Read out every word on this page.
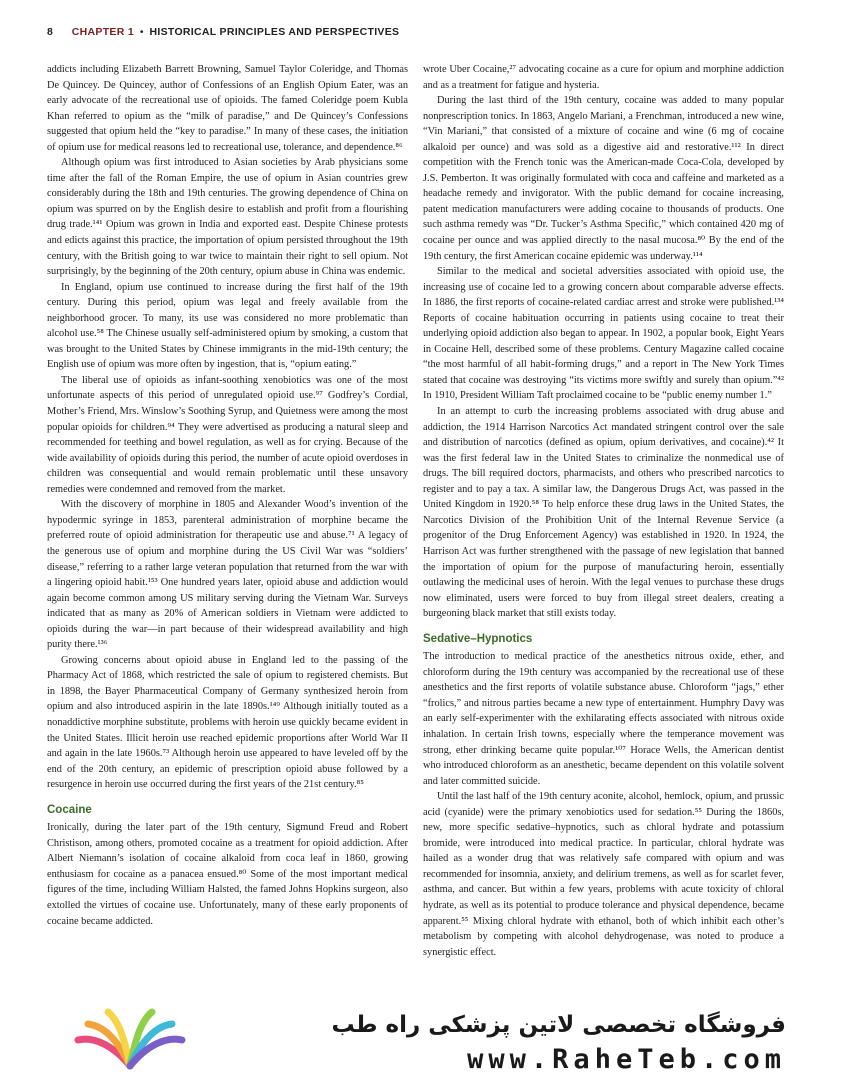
8 CHAPTER 1 • HISTORICAL PRINCIPLES AND PERSPECTIVES

addicts including Elizabeth Barrett Browning, Samuel Taylor Coleridge, and Thomas De Quincey. De Quincey, author of Confessions of an English Opium Eater, was an early advocate of the recreational use of opioids. The famed Coleridge poem Kubla Khan referred to opium as the “milk of paradise,” and De Quincey’s Confessions suggested that opium held the “key to paradise.” In many of these cases, the initiation of opium use for medical reasons led to recreational use, tolerance, and dependence.⁸⁶

Although opium was first introduced to Asian societies by Arab physicians some time after the fall of the Roman Empire, the use of opium in Asian countries grew considerably during the 18th and 19th centuries. The growing dependence of China on opium was spurred on by the English desire to establish and profit from a flourishing drug trade.¹⁴¹ Opium was grown in India and exported east. Despite Chinese protests and edicts against this practice, the importation of opium persisted throughout the 19th century, with the British going to war twice to maintain their right to sell opium. Not surprisingly, by the beginning of the 20th century, opium abuse in China was endemic.

In England, opium use continued to increase during the first half of the 19th century. During this period, opium was legal and freely available from the neighborhood grocer. To many, its use was considered no more problematic than alcohol use.⁵⁸ The Chinese usually self-administered opium by smoking, a custom that was brought to the United States by Chinese immigrants in the mid-19th century; the English use of opium was more often by ingestion, that is, “opium eating.”

The liberal use of opioids as infant-soothing xenobiotics was one of the most unfortunate aspects of this period of unregulated opioid use.⁹⁷ Godfrey’s Cordial, Mother’s Friend, Mrs. Winslow’s Soothing Syrup, and Quietness were among the most popular opioids for children.⁹⁴ They were advertised as producing a natural sleep and recommended for teething and bowel regulation, as well as for crying. Because of the wide availability of opioids during this period, the number of acute opioid overdoses in children was consequential and would remain problematic until these unsavory remedies were condemned and removed from the market.

With the discovery of morphine in 1805 and Alexander Wood’s invention of the hypodermic syringe in 1853, parenteral administration of morphine became the preferred route of opioid administration for therapeutic use and abuse.⁷¹ A legacy of the generous use of opium and morphine during the US Civil War was “soldiers’ disease,” referring to a rather large veteran population that returned from the war with a lingering opioid habit.¹⁵³ One hundred years later, opioid abuse and addiction would again become common among US military serving during the Vietnam War. Surveys indicated that as many as 20% of American soldiers in Vietnam were addicted to opioids during the war—in part because of their widespread availability and high purity there.¹³⁶

Growing concerns about opioid abuse in England led to the passing of the Pharmacy Act of 1868, which restricted the sale of opium to registered chemists. But in 1898, the Bayer Pharmaceutical Company of Germany synthesized heroin from opium and also introduced aspirin in the late 1890s.¹⁴⁹ Although initially touted as a nonaddictive morphine substitute, problems with heroin use quickly became evident in the United States. Illicit heroin use reached epidemic proportions after World War II and again in the late 1960s.⁷³ Although heroin use appeared to have leveled off by the end of the 20th century, an epidemic of prescription opioid abuse followed by a resurgence in heroin use occurred during the first years of the 21st century.⁸⁵

Cocaine

Ironically, during the later part of the 19th century, Sigmund Freud and Robert Christison, among others, promoted cocaine as a treatment for opioid addiction. After Albert Niemann’s isolation of cocaine alkaloid from coca leaf in 1860, growing enthusiasm for cocaine as a panacea ensued.⁸⁰ Some of the most important medical figures of the time, including William Halsted, the famed Johns Hopkins surgeon, also extolled the virtues of cocaine use. Unfortunately, many of these early proponents of cocaine became addicted.

wrote Uber Cocaine,²⁷ advocating cocaine as a cure for opium and morphine addiction and as a treatment for fatigue and hysteria.

During the last third of the 19th century, cocaine was added to many popular nonprescription tonics. In 1863, Angelo Mariani, a Frenchman, introduced a new wine, “Vin Mariani,” that consisted of a mixture of cocaine and wine (6 mg of cocaine alkaloid per ounce) and was sold as a digestive aid and restorative.¹¹² In direct competition with the French tonic was the American-made Coca-Cola, developed by J.S. Pemberton. It was originally formulated with coca and caffeine and marketed as a headache remedy and invigorator. With the public demand for cocaine increasing, patent medication manufacturers were adding cocaine to thousands of products. One such asthma remedy was “Dr. Tucker’s Asthma Specific,” which contained 420 mg of cocaine per ounce and was applied directly to the nasal mucosa.⁸⁰ By the end of the 19th century, the first American cocaine epidemic was underway.¹¹⁴

Similar to the medical and societal adversities associated with opioid use, the increasing use of cocaine led to a growing concern about comparable adverse effects. In 1886, the first reports of cocaine-related cardiac arrest and stroke were published.¹³⁴ Reports of cocaine habituation occurring in patients using cocaine to treat their underlying opioid addiction also began to appear. In 1902, a popular book, Eight Years in Cocaine Hell, described some of these problems. Century Magazine called cocaine “the most harmful of all habit-forming drugs,” and a report in The New York Times stated that cocaine was destroying “its victims more swiftly and surely than opium.”⁴² In 1910, President William Taft proclaimed cocaine to be “public enemy number 1.”

In an attempt to curb the increasing problems associated with drug abuse and addiction, the 1914 Harrison Narcotics Act mandated stringent control over the sale and distribution of narcotics (defined as opium, opium derivatives, and cocaine).⁴² It was the first federal law in the United States to criminalize the nonmedical use of drugs. The bill required doctors, pharmacists, and others who prescribed narcotics to register and to pay a tax. A similar law, the Dangerous Drugs Act, was passed in the United Kingdom in 1920.⁵⁸ To help enforce these drug laws in the United States, the Narcotics Division of the Prohibition Unit of the Internal Revenue Service (a progenitor of the Drug Enforcement Agency) was established in 1920. In 1924, the Harrison Act was further strengthened with the passage of new legislation that banned the importation of opium for the purpose of manufacturing heroin, essentially outlawing the medicinal uses of heroin. With the legal venues to purchase these drugs now eliminated, users were forced to buy from illegal street dealers, creating a burgeoning black market that still exists today.

Sedative–Hypnotics

The introduction to medical practice of the anesthetics nitrous oxide, ether, and chloroform during the 19th century was accompanied by the recreational use of these anesthetics and the first reports of volatile substance abuse. Chloroform “jags,” ether “frolics,” and nitrous parties became a new type of entertainment. Humphry Davy was an early self-experimenter with the exhilarating effects associated with nitrous oxide inhalation. In certain Irish towns, especially where the temperance movement was strong, ether drinking became quite popular.¹⁰⁷ Horace Wells, the American dentist who introduced chloroform as an anesthetic, became dependent on this volatile solvent and later committed suicide.

Until the last half of the 19th century aconite, alcohol, hemlock, opium, and prussic acid (cyanide) were the primary xenobiotics used for sedation.⁵⁵ During the 1860s, new, more specific sedative–hypnotics, such as chloral hydrate and potassium bromide, were introduced into medical practice. In particular, chloral hydrate was hailed as a wonder drug that was relatively safe compared with opium and was recommended for insomnia, anxiety, and delirium tremens, as well as for scarlet fever, asthma, and cancer. But within a few years, problems with acute toxicity of chloral hydrate, as well as its potential to produce tolerance and physical dependence, became apparent.⁵⁵ Mixing chloral hydrate with ethanol, both of which inhibit each other’s metabolism by competing with alcohol dehydrogenase, was noted to produce a synergistic effect.

فروشگاه تخصصی لاتین پزشکی راه طب
www.RaheTeb.com
